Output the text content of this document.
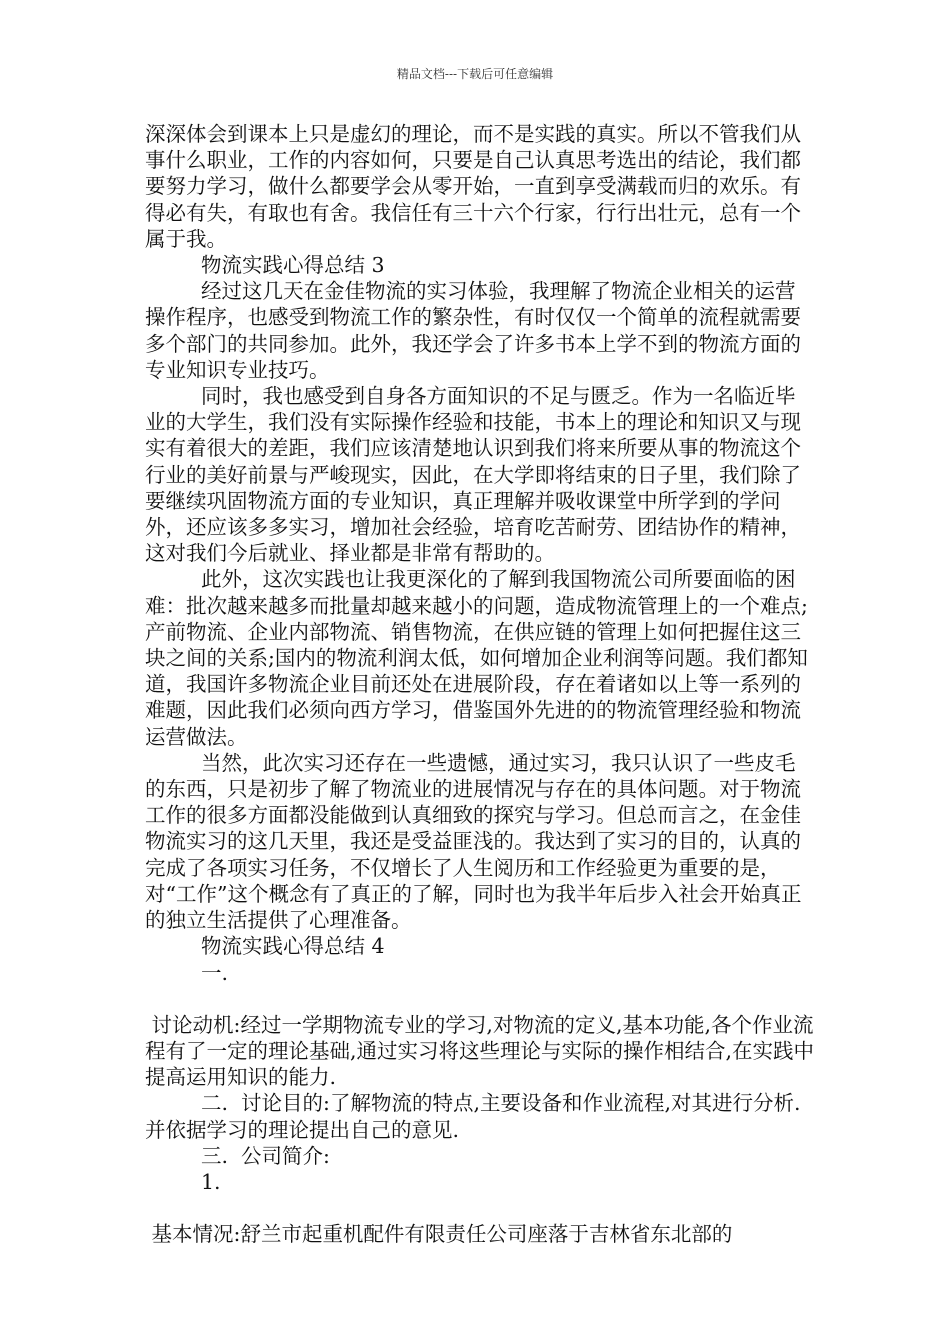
精品文档---下载后可任意编辑

深深体会到课本上只是虚幻的理论，而不是实践的真实。所以不管我们从事什么职业，工作的内容如何，只要是自己认真思考选出的结论，我们都要努力学习，做什么都要学会从零开始，一直到享受满载而归的欢乐。有得必有失，有取也有舍。我信任有三十六个行家，行行出壮元，总有一个属于我。

物流实践心得总结 3

经过这几天在金佳物流的实习体验，我理解了物流企业相关的运营操作程序，也感受到物流工作的繁杂性，有时仅仅一个简单的流程就需要多个部门的共同参加。此外，我还学会了许多书本上学不到的物流方面的专业知识专业技巧。

同时，我也感受到自身各方面知识的不足与匮乏。作为一名临近毕业的大学生，我们没有实际操作经验和技能，书本上的理论和知识又与现实有着很大的差距，我们应该清楚地认识到我们将来所要从事的物流这个行业的美好前景与严峻现实，因此，在大学即将结束的日子里，我们除了要继续巩固物流方面的专业知识，真正理解并吸收课堂中所学到的学问外，还应该多多实习，增加社会经验，培育吃苦耐劳、团结协作的精神，这对我们今后就业、择业都是非常有帮助的。

此外，这次实践也让我更深化的了解到我国物流公司所要面临的困难：批次越来越多而批量却越来越小的问题，造成物流管理上的一个难点;产前物流、企业内部物流、销售物流，在供应链的管理上如何把握住这三块之间的关系;国内的物流利润太低，如何增加企业利润等问题。我们都知道，我国许多物流企业目前还处在进展阶段，存在着诸如以上等一系列的难题，因此我们必须向西方学习，借鉴国外先进的的物流管理经验和物流运营做法。

当然，此次实习还存在一些遗憾，通过实习，我只认识了一些皮毛的东西，只是初步了解了物流业的进展情况与存在的具体问题。对于物流工作的很多方面都没能做到认真细致的探究与学习。但总而言之，在金佳物流实习的这几天里，我还是受益匪浅的。我达到了实习的目的，认真的完成了各项实习任务，不仅增长了人生阅历和工作经验更为重要的是，对“工作”这个概念有了真正的了解，同时也为我半年后步入社会开始真正的独立生活提供了心理准备。

物流实践心得总结 4

一.

讨论动机:经过一学期物流专业的学习,对物流的定义,基本功能,各个作业流程有了一定的理论基础,通过实习将这些理论与实际的操作相结合,在实践中提高运用知识的能力.

二.  讨论目的:了解物流的特点,主要设备和作业流程,对其进行分析.并依据学习的理论提出自己的意见.

三.  公司简介:

1.

基本情况:舒兰市起重机配件有限责任公司座落于吉林省东北部的
